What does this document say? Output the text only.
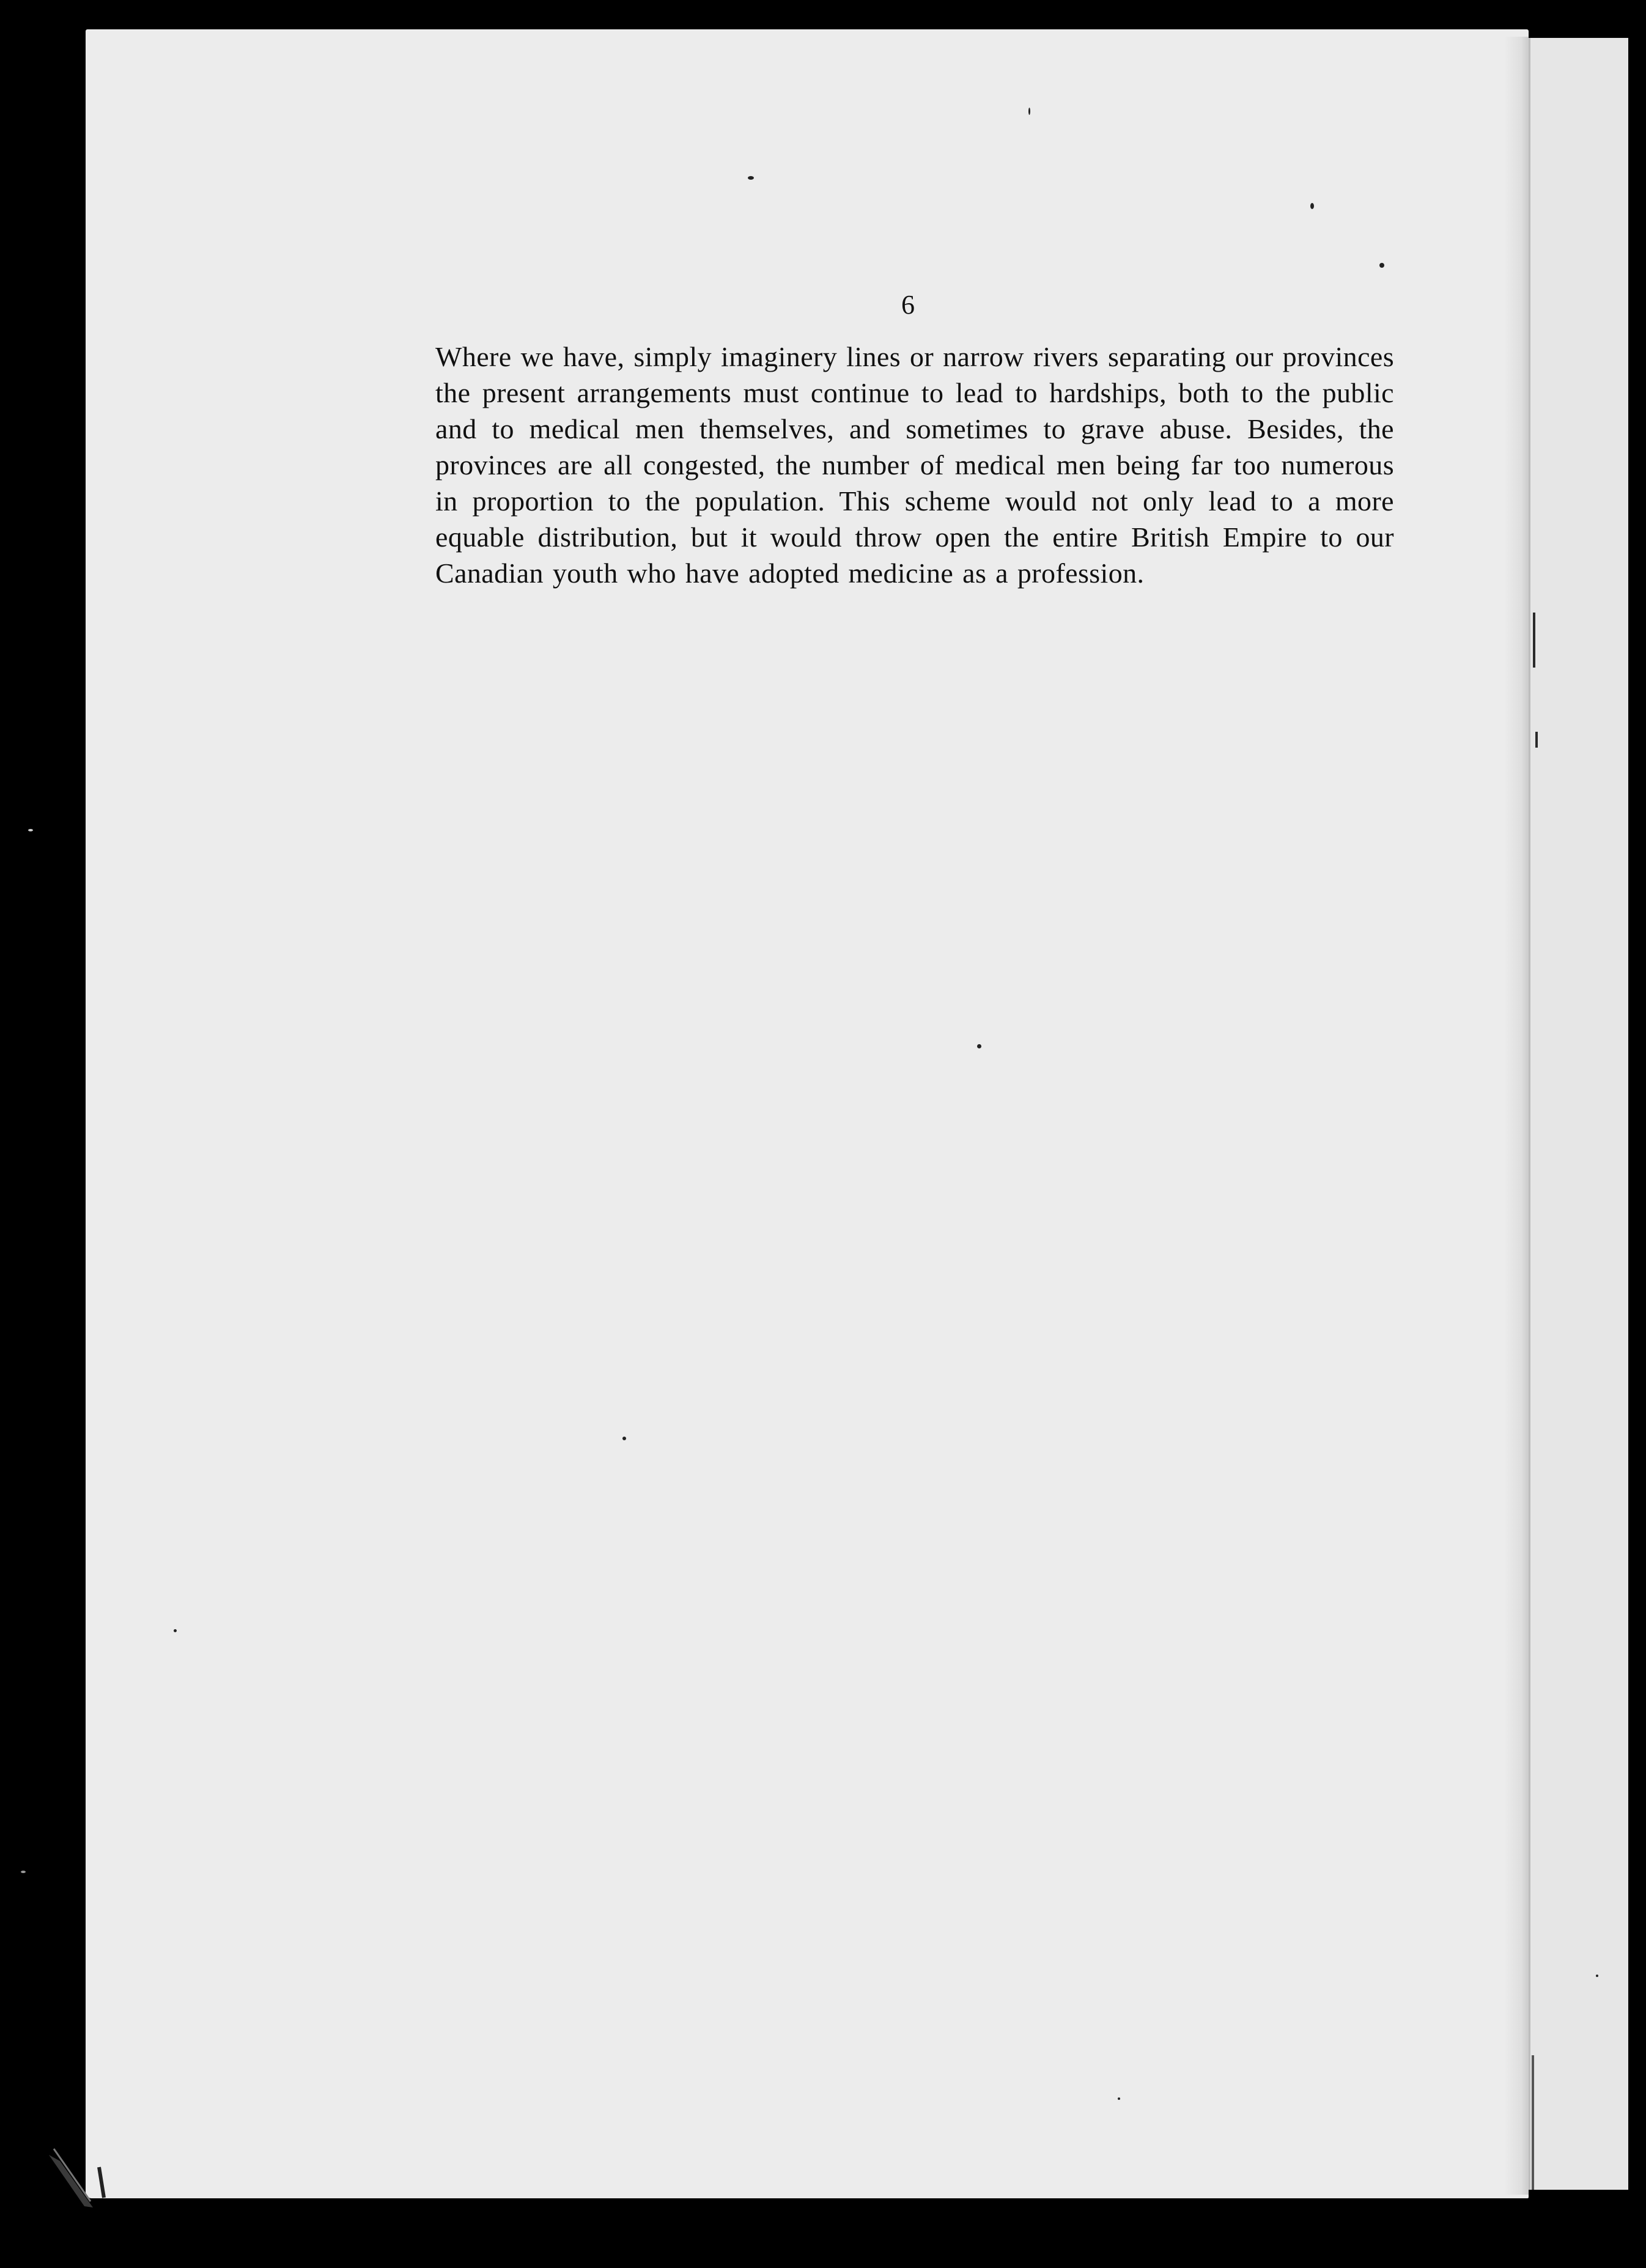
6
Where we have, simply imaginery lines or narrow rivers separating our provinces the present arrangements must continue to lead to hardships, both to the public and to medical men themselves, and sometimes to grave abuse. Besides, the provinces are all congested, the number of medical men being far too numerous in proportion to the population. This scheme would not only lead to a more equable distribution, but it would throw open the entire British Empire to our Canadian youth who have adopted medicine as a profession.
